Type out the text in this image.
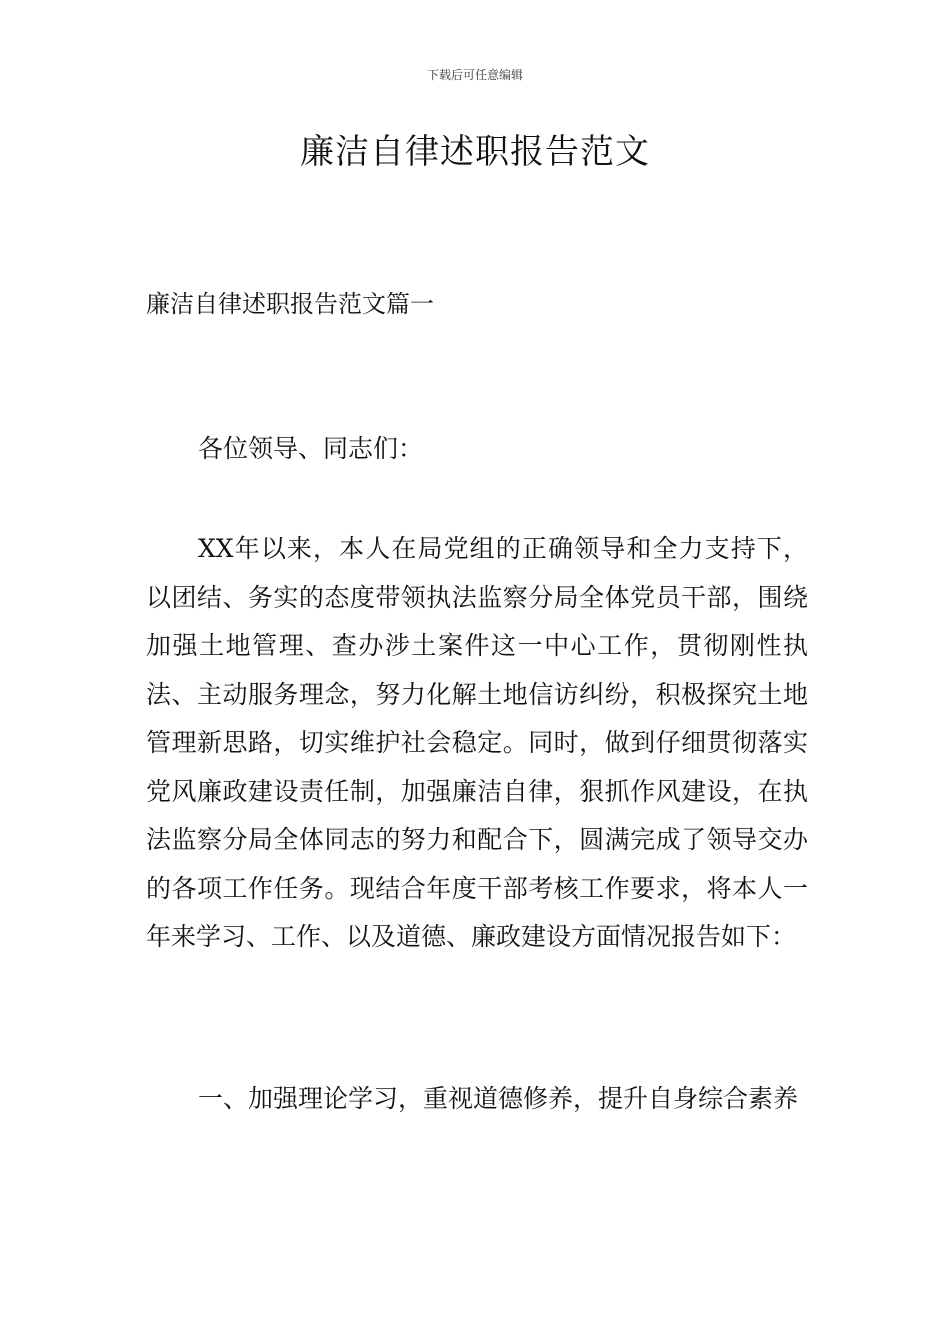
下载后可任意编辑
廉洁自律述职报告范文
廉洁自律述职报告范文篇一

各位领导、同志们：

XX年以来，本人在局党组的正确领导和全力支持下，以团结、务实的态度带领执法监察分局全体党员干部，围绕加强土地管理、查办涉土案件这一中心工作，贯彻刚性执法、主动服务理念，努力化解土地信访纠纷，积极探究土地管理新思路，切实维护社会稳定。同时，做到仔细贯彻落实党风廉政建设责任制，加强廉洁自律，狠抓作风建设，在执法监察分局全体同志的努力和配合下，圆满完成了领导交办的各项工作任务。现结合年度干部考核工作要求，将本人一年来学习、工作、以及道德、廉政建设方面情况报告如下：

一、加强理论学习，重视道德修养，提升自身综合素养
